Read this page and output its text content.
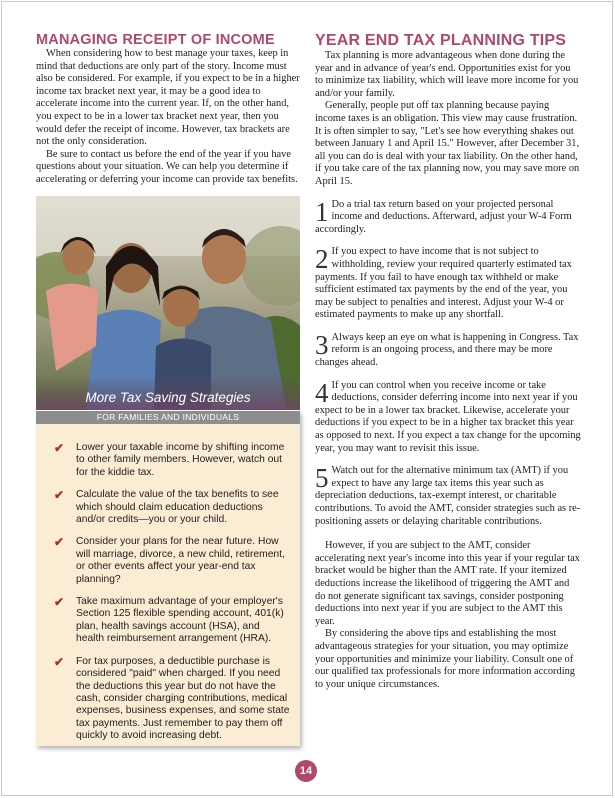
MANAGING RECEIPT OF INCOME

When considering how to best manage your taxes, keep in mind that deductions are only part of the story. Income must also be considered. For example, if you expect to be in a higher income tax bracket next year, it may be a good idea to accelerate income into the current year. If, on the other hand, you expect to be in a lower tax bracket next year, then you would defer the receipt of income. However, tax brackets are not the only consideration.

Be sure to contact us before the end of the year if you have questions about your situation. We can help you determine if accelerating or deferring your income can provide tax benefits.

More Tax Saving Strategies
FOR FAMILIES AND INDIVIDUALS
✔ Lower your taxable income by shifting income to other family members. However, watch out for the kiddie tax.
✔ Calculate the value of the tax benefits to see which should claim education deductions and/or credits—you or your child.
✔ Consider your plans for the near future. How will marriage, divorce, a new child, retirement, or other events affect your year-end tax planning?
✔ Take maximum advantage of your employer's Section 125 flexible spending account, 401(k) plan, health savings account (HSA), and health reimbursement arrangement (HRA).
✔ For tax purposes, a deductible purchase is considered "paid" when charged. If you need the deductions this year but do not have the cash, consider charging contributions, medical expenses, business expenses, and some state tax payments. Just remember to pay them off quickly to avoid increasing debt.
YEAR END TAX PLANNING TIPS

Tax planning is more advantageous when done during the year and in advance of year's end. Opportunities exist for you to minimize tax liability, which will leave more income for you and/or your family.

Generally, people put off tax planning because paying income taxes is an obligation. This view may cause frustration. It is often simpler to say, "Let's see how everything shakes out between January 1 and April 15." However, after December 31, all you can do is deal with your tax liability. On the other hand, if you take care of the tax planning now, you may save more on April 15.

1 Do a trial tax return based on your projected personal income and deductions. Afterward, adjust your W-4 Form accordingly.
2 If you expect to have income that is not subject to withholding, review your required quarterly estimated tax payments. If you fail to have enough tax withheld or make sufficient estimated tax payments by the end of the year, you may be subject to penalties and interest. Adjust your W-4 or estimated payments to make up any shortfall.
3 Always keep an eye on what is happening in Congress. Tax reform is an ongoing process, and there may be more changes ahead.
4 If you can control when you receive income or take deductions, consider deferring income into next year if you expect to be in a lower tax bracket. Likewise, accelerate your deductions if you expect to be in a higher tax bracket this year as opposed to next. If you expect a tax change for the upcoming year, you may want to revisit this issue.
5 Watch out for the alternative minimum tax (AMT) if you expect to have any large tax items this year such as depreciation deductions, tax-exempt interest, or charitable contributions. To avoid the AMT, consider strategies such as re-positioning assets or delaying charitable contributions.

However, if you are subject to the AMT, consider accelerating next year's income into this year if your regular tax bracket would be higher than the AMT rate. If your itemized deductions increase the likelihood of triggering the AMT and do not generate significant tax savings, consider postponing deductions into next year if you are subject to the AMT this year.

By considering the above tips and establishing the most advantageous strategies for your situation, you may optimize your opportunities and minimize your liability. Consult one of our qualified tax professionals for more information according to your unique circumstances.

14
